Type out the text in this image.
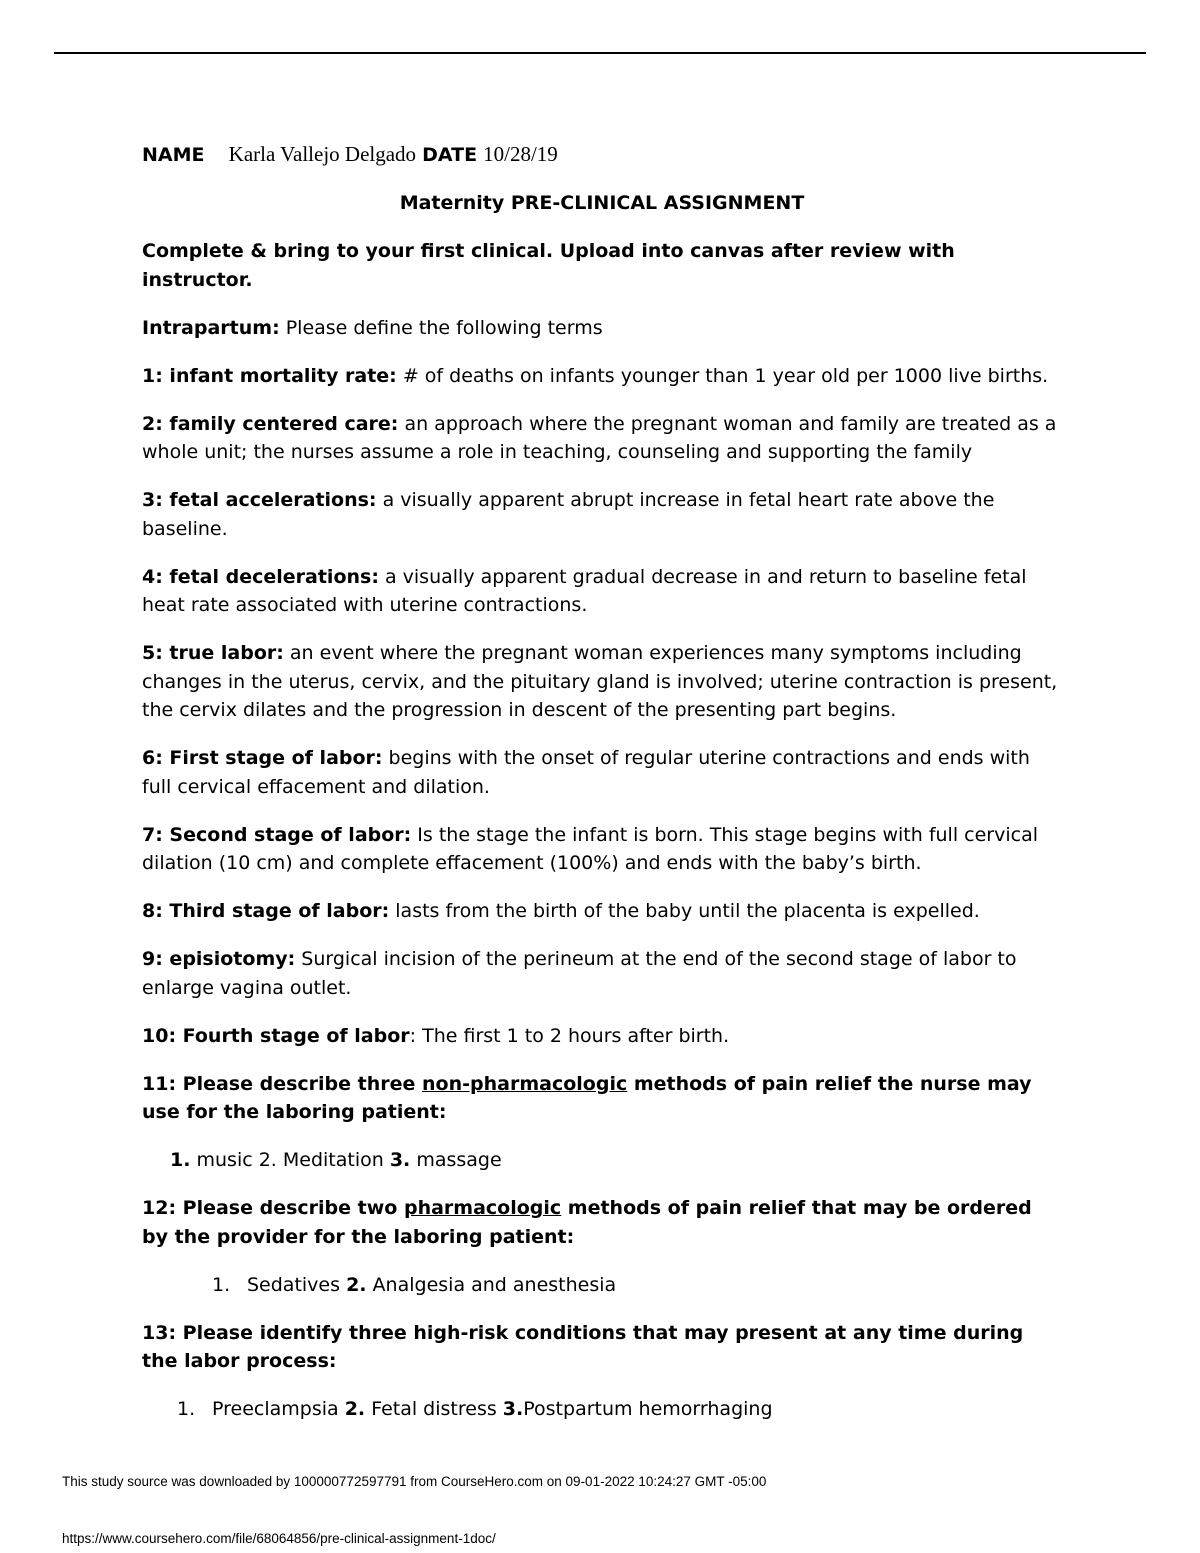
NAME Karla Vallejo Delgado DATE 10/28/19

Maternity PRE-CLINICAL ASSIGNMENT

Complete & bring to your first clinical. Upload into canvas after review with instructor.

Intrapartum: Please define the following terms

1: infant mortality rate: # of deaths on infants younger than 1 year old per 1000 live births.

2: family centered care: an approach where the pregnant woman and family are treated as a whole unit; the nurses assume a role in teaching, counseling and supporting the family

3: fetal accelerations: a visually apparent abrupt increase in fetal heart rate above the baseline.

4: fetal decelerations: a visually apparent gradual decrease in and return to baseline fetal heat rate associated with uterine contractions.

5: true labor: an event where the pregnant woman experiences many symptoms including changes in the uterus, cervix, and the pituitary gland is involved; uterine contraction is present, the cervix dilates and the progression in descent of the presenting part begins.

6: First stage of labor: begins with the onset of regular uterine contractions and ends with full cervical effacement and dilation.

7: Second stage of labor: Is the stage the infant is born. This stage begins with full cervical dilation (10 cm) and complete effacement (100%) and ends with the baby’s birth.

8: Third stage of labor: lasts from the birth of the baby until the placenta is expelled.

9: episiotomy: Surgical incision of the perineum at the end of the second stage of labor to enlarge vagina outlet.

10: Fourth stage of labor: The first 1 to 2 hours after birth.

11: Please describe three non-pharmacologic methods of pain relief the nurse may use for the laboring patient:

1. music 2. Meditation 3. massage

12: Please describe two pharmacologic methods of pain relief that may be ordered by the provider for the laboring patient:

1. Sedatives 2. Analgesia and anesthesia

13: Please identify three high-risk conditions that may present at any time during the labor process:

1. Preeclampsia 2. Fetal distress 3.Postpartum hemorrhaging

This study source was downloaded by 100000772597791 from CourseHero.com on 09-01-2022 10:24:27 GMT -05:00
https://www.coursehero.com/file/68064856/pre-clinical-assignment-1doc/
